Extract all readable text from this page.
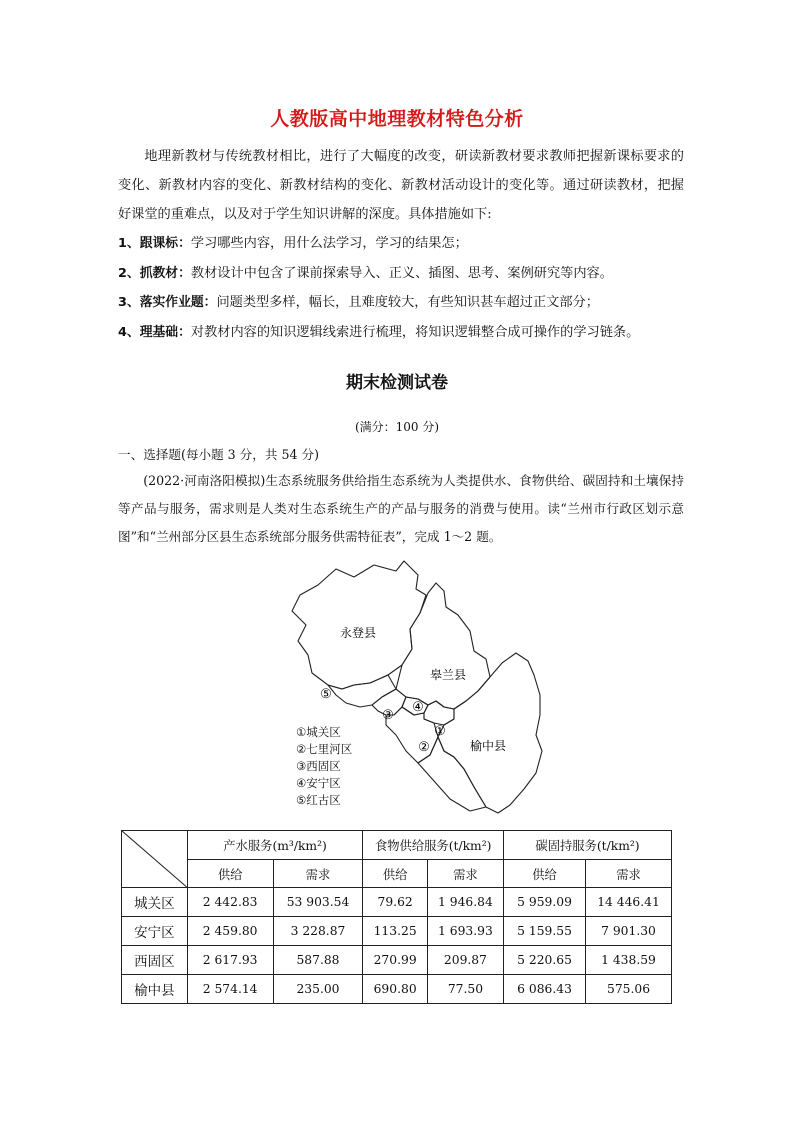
人教版高中地理教材特色分析

地理新教材与传统教材相比，进行了大幅度的改变，研读新教材要求教师把握新课标要求的变化、新教材内容的变化、新教材结构的变化、新教材活动设计的变化等。通过研读教材，把握好课堂的重难点，以及对于学生知识讲解的深度。具体措施如下:

1、跟课标：学习哪些内容，用什么法学习，学习的结果怎；
2、抓教材：教材设计中包含了课前探索导入、正义、插图、思考、案例研究等内容。
3、落实作业题：问题类型多样，幅长，且难度较大，有些知识甚车超过正文部分；
4、理基础：对教材内容的知识逻辑线索进行梳理，将知识逻辑整合成可操作的学习链条。
期末检测试卷
(满分：100 分)
一、选择题(每小题 3 分，共 54 分)

(2022·河南洛阳模拟)生态系统服务供给指生态系统为人类提供水、食物供给、碳固持和土壤保持等产品与服务，需求则是人类对生态系统生产的产品与服务的消费与使用。读“兰州市行政区划示意图”和“兰州部分区县生态系统部分服务供需特征表”，完成 1～2 题。

永登县
皋兰县
榆中县
⑤
③
④
①
②
①城关区
②七里河区
③西固区
④安宁区
⑤红古区
	产水服务(m³/km²)		食物供给服务(t/km²)		碳固持服务(t/km²)	
	供给	需求	供给	需求	供给	需求
城关区	2 442.83	53 903.54	79.62	1 946.84	5 959.09	14 446.41
安宁区	2 459.80	3 228.87	113.25	1 693.93	5 159.55	7 901.30
西固区	2 617.93	587.88	270.99	209.87	5 220.65	1 438.59
榆中县	2 574.14	235.00	690.80	77.50	6 086.43	575.06
